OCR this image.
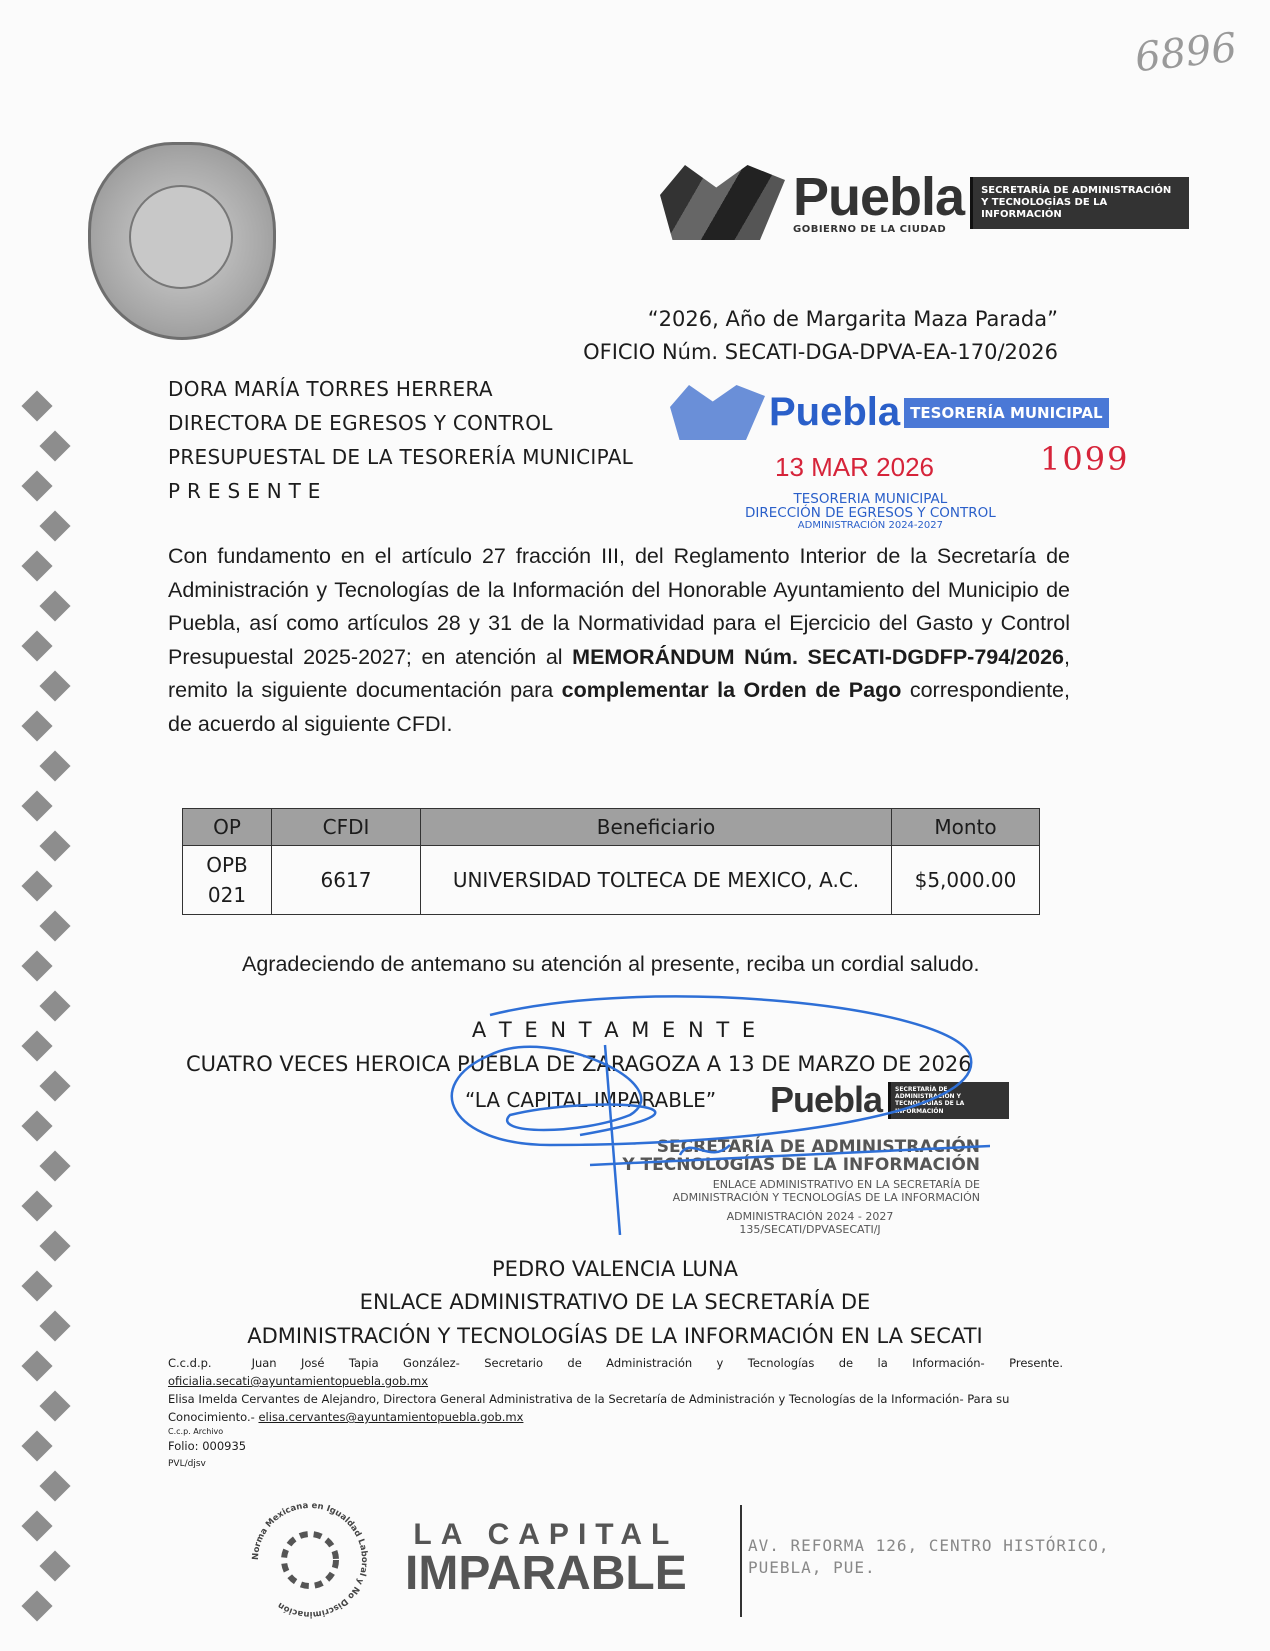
6896
Puebla
GOBIERNO DE LA CIUDAD
SECRETARÍA DE ADMINISTRACIÓN Y TECNOLOGÍAS DE LA INFORMACIÓN
“2026, Año de Margarita Maza Parada”
OFICIO Núm. SECATI-DGA-DPVA-EA-170/2026
DORA MARÍA TORRES HERRERA
DIRECTORA DE EGRESOS Y CONTROL
PRESUPUESTAL DE LA TESORERÍA MUNICIPAL
P R E S E N T E
Puebla TESORERÍA MUNICIPAL
1099
13 MAR 2026
TESORERIA MUNICIPAL
DIRECCIÓN DE EGRESOS Y CONTROL
ADMINISTRACIÓN 2024-2027
Con fundamento en el artículo 27 fracción III, del Reglamento Interior de la Secretaría de Administración y Tecnologías de la Información del Honorable Ayuntamiento del Municipio de Puebla, así como artículos 28 y 31 de la Normatividad para el Ejercicio del Gasto y Control Presupuestal 2025-2027; en atención al MEMORÁNDUM Núm. SECATI-DGDFP-794/2026, remito la siguiente documentación para complementar la Orden de Pago correspondiente, de acuerdo al siguiente CFDI.
OP	CFDI	Beneficiario	Monto
OPB 021	6617	UNIVERSIDAD TOLTECA DE MEXICO, A.C.	$5,000.00
Agradeciendo de antemano su atención al presente, reciba un cordial saludo.
A T E N T A M E N T E
CUATRO VECES HEROICA PUEBLA DE ZARAGOZA A 13 DE MARZO DE 2026
“LA CAPITAL IMPARABLE” Puebla	SECRETARÍA DE ADMINISTRACIÓN Y TECNOLOGÍAS DE LA INFORMACIÓN
SECRETARÍA DE ADMINISTRACIÓN
Y TECNOLOGÍAS DE LA INFORMACIÓN
ENLACE ADMINISTRATIVO EN LA SECRETARÍA DE
ADMINISTRACIÓN Y TECNOLOGÍAS DE LA INFORMACIÓN
ADMINISTRACIÓN 2024 - 2027
135/SECATI/DPVASECATI/J
PEDRO VALENCIA LUNA
ENLACE ADMINISTRATIVO DE LA SECRETARÍA DE
ADMINISTRACIÓN Y TECNOLOGÍAS DE LA INFORMACIÓN EN LA SECATI
C.c.d.p.	Juan José Tapia González- Secretario de Administración y Tecnologías de la Información- Presente.
oficialia.secati@ayuntamientopuebla.gob.mx
Elisa Imelda Cervantes de Alejandro, Directora General Administrativa de la Secretaría de Administración y Tecnologías de la Información- Para su Conocimiento.- elisa.cervantes@ayuntamientopuebla.gob.mx
C.c.p. Archivo
Folio: 000935
PVL/djsv
Norma Mexicana en Igualdad Laboral y No Discriminación
LA CAPITAL
IMPARABLE
AV. REFORMA 126, CENTRO HISTÓRICO,
PUEBLA, PUE.
